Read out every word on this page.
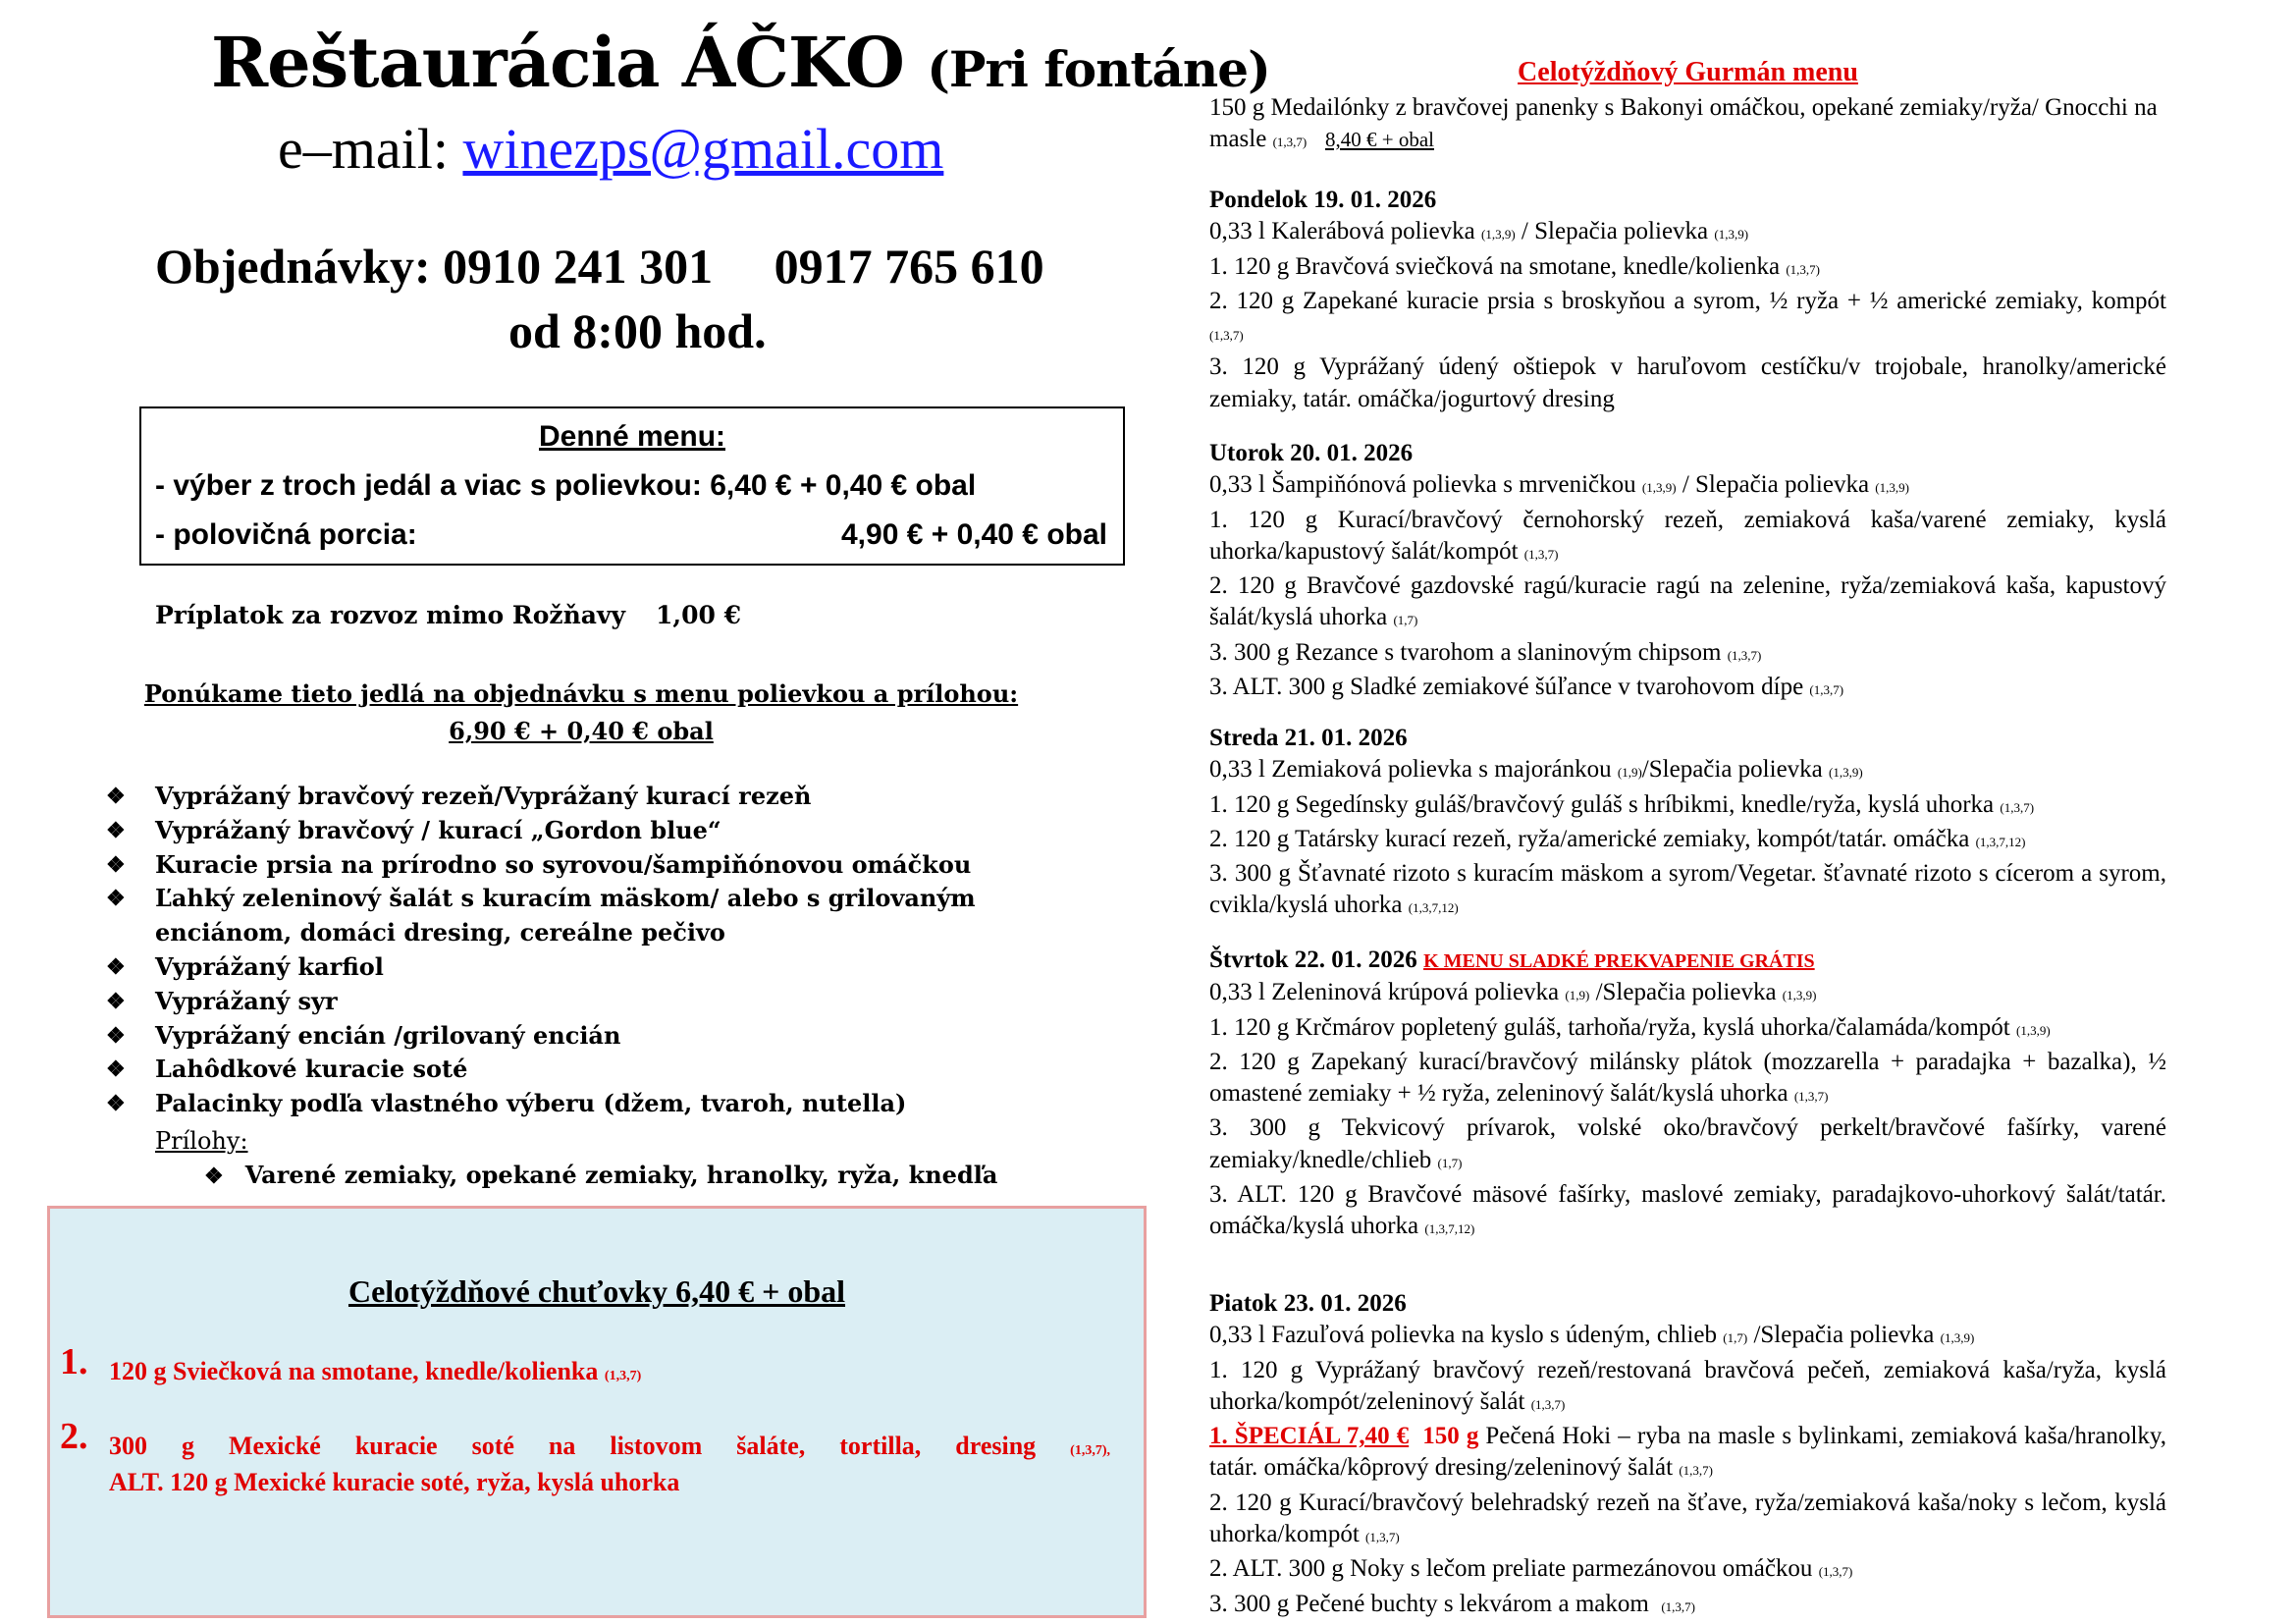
Reštaurácia ÁČKO (Pri fontáne)
e–mail: winezps@gmail.com
Objednávky: 0910 241 301     0917 765 610
od 8:00 hod.
Denné menu:
- výber z troch jedál a viac s polievkou: 6,40 € + 0,40 € obal
- polovičná porcia:	4,90 € + 0,40 € obal
Príplatok za rozvoz mimo Rožňavy 1,00 €
Ponúkame tieto jedlá na objednávku s menu polievkou a prílohou:
6,90 € + 0,40 € obal
❖ Vyprážaný bravčový rezeň/Vyprážaný kurací rezeň
❖ Vyprážaný bravčový / kurací „Gordon blue“
❖ Kuracie prsia na prírodno so syrovou/šampiňónovou omáčkou
❖ Ľahký zeleninový šalát s kuracím mäskom/ alebo s grilovaným enciánom, domáci dresing, cereálne pečivo
❖ Vyprážaný karfiol
❖ Vyprážaný syr
❖ Vyprážaný encián /grilovaný encián
❖ Lahôdkové kuracie soté
❖ Palacinky podľa vlastného výberu (džem, tvaroh, nutella)
Prílohy:
❖ Varené zemiaky, opekané zemiaky, hranolky, ryža, knedľa
Celotýždňové chuťovky 6,40 € + obal
1. 120 g Sviečková na smotane, knedle/kolienka (1,3,7)
2. 300 g Mexické kuracie soté na listovom šaláte, tortilla, dresing	(1,3,7),
ALT. 120 g Mexické kuracie soté, ryža, kyslá uhorka
Celotýždňový Gurmán menu
150 g Medailónky z bravčovej panenky s Bakonyi omáčkou, opekané zemiaky/ryža/ Gnocchi na masle (1,3,7) 8,40 € + obal
Pondelok 19. 01. 2026
0,33 l Kalerábová polievka (1,3,9) / Slepačia polievka (1,3,9)
1. 120 g Bravčová sviečková na smotane, knedle/kolienka (1,3,7)
2. 120 g Zapekané kuracie prsia s broskyňou a syrom, ½ ryža + ½ americké zemiaky, kompót (1,3,7)
3. 120 g Vyprážaný údený oštiepok v haruľovom cestíčku/v trojobale, hranolky/americké zemiaky, tatár. omáčka/jogurtový dresing
Utorok 20. 01. 2026
0,33 l Šampiňónová polievka s mrveničkou (1,3,9) / Slepačia polievka (1,3,9)
1. 120 g Kurací/bravčový černohorský rezeň, zemiaková kaša/varené zemiaky, kyslá uhorka/kapustový šalát/kompót (1,3,7)
2. 120 g Bravčové gazdovské ragú/kuracie ragú na zelenine, ryža/zemiaková kaša, kapustový šalát/kyslá uhorka (1,7)
3. 300 g Rezance s tvarohom a slaninovým chipsom (1,3,7)
3. ALT. 300 g Sladké zemiakové šúľance v tvarohovom dípe (1,3,7)
Streda 21. 01. 2026
0,33 l Zemiaková polievka s majoránkou (1,9)/Slepačia polievka (1,3,9)
1. 120 g Segedínsky guláš/bravčový guláš s hríbikmi, knedle/ryža, kyslá uhorka (1,3,7)
2. 120 g Tatársky kurací rezeň, ryža/americké zemiaky, kompót/tatár. omáčka (1,3,7,12)
3. 300 g Šťavnaté rizoto s kuracím mäskom a syrom/Vegetar. šťavnaté rizoto s cícerom a syrom, cvikla/kyslá uhorka (1,3,7,12)
Štvrtok 22. 01. 2026 K MENU SLADKÉ PREKVAPENIE GRÁTIS
0,33 l Zeleninová krúpová polievka (1,9) /Slepačia polievka (1,3,9)
1. 120 g Krčmárov popletený guláš, tarhoňa/ryža, kyslá uhorka/čalamáda/kompót (1,3,9)
2. 120 g Zapekaný kurací/bravčový milánsky plátok (mozzarella + paradajka + bazalka), ½ omastené zemiaky + ½ ryža, zeleninový šalát/kyslá uhorka (1,3,7)
3. 300 g Tekvicový prívarok, volské oko/bravčový perkelt/bravčové fašírky, varené zemiaky/knedle/chlieb (1,7)
3. ALT. 120 g Bravčové mäsové fašírky, maslové zemiaky, paradajkovo-uhorkový šalát/tatár. omáčka/kyslá uhorka (1,3,7,12)
Piatok 23. 01. 2026
0,33 l Fazuľová polievka na kyslo s údeným, chlieb (1,7) /Slepačia polievka (1,3,9)
1. 120 g Vyprážaný bravčový rezeň/restovaná bravčová pečeň, zemiaková kaša/ryža, kyslá uhorka/kompót/zeleninový šalát (1,3,7)
1. ŠPECIÁL 7,40 € 150 g Pečená Hoki – ryba na masle s bylinkami, zemiaková kaša/hranolky, tatár. omáčka/kôprový dresing/zeleninový šalát (1,3,7)
2. 120 g Kurací/bravčový belehradský rezeň na šťave, ryža/zemiaková kaša/noky s lečom, kyslá uhorka/kompót (1,3,7)
2. ALT. 300 g Noky s lečom preliate parmezánovou omáčkou (1,3,7)
3. 300 g Pečené buchty s lekvárom a makom (1,3,7)
